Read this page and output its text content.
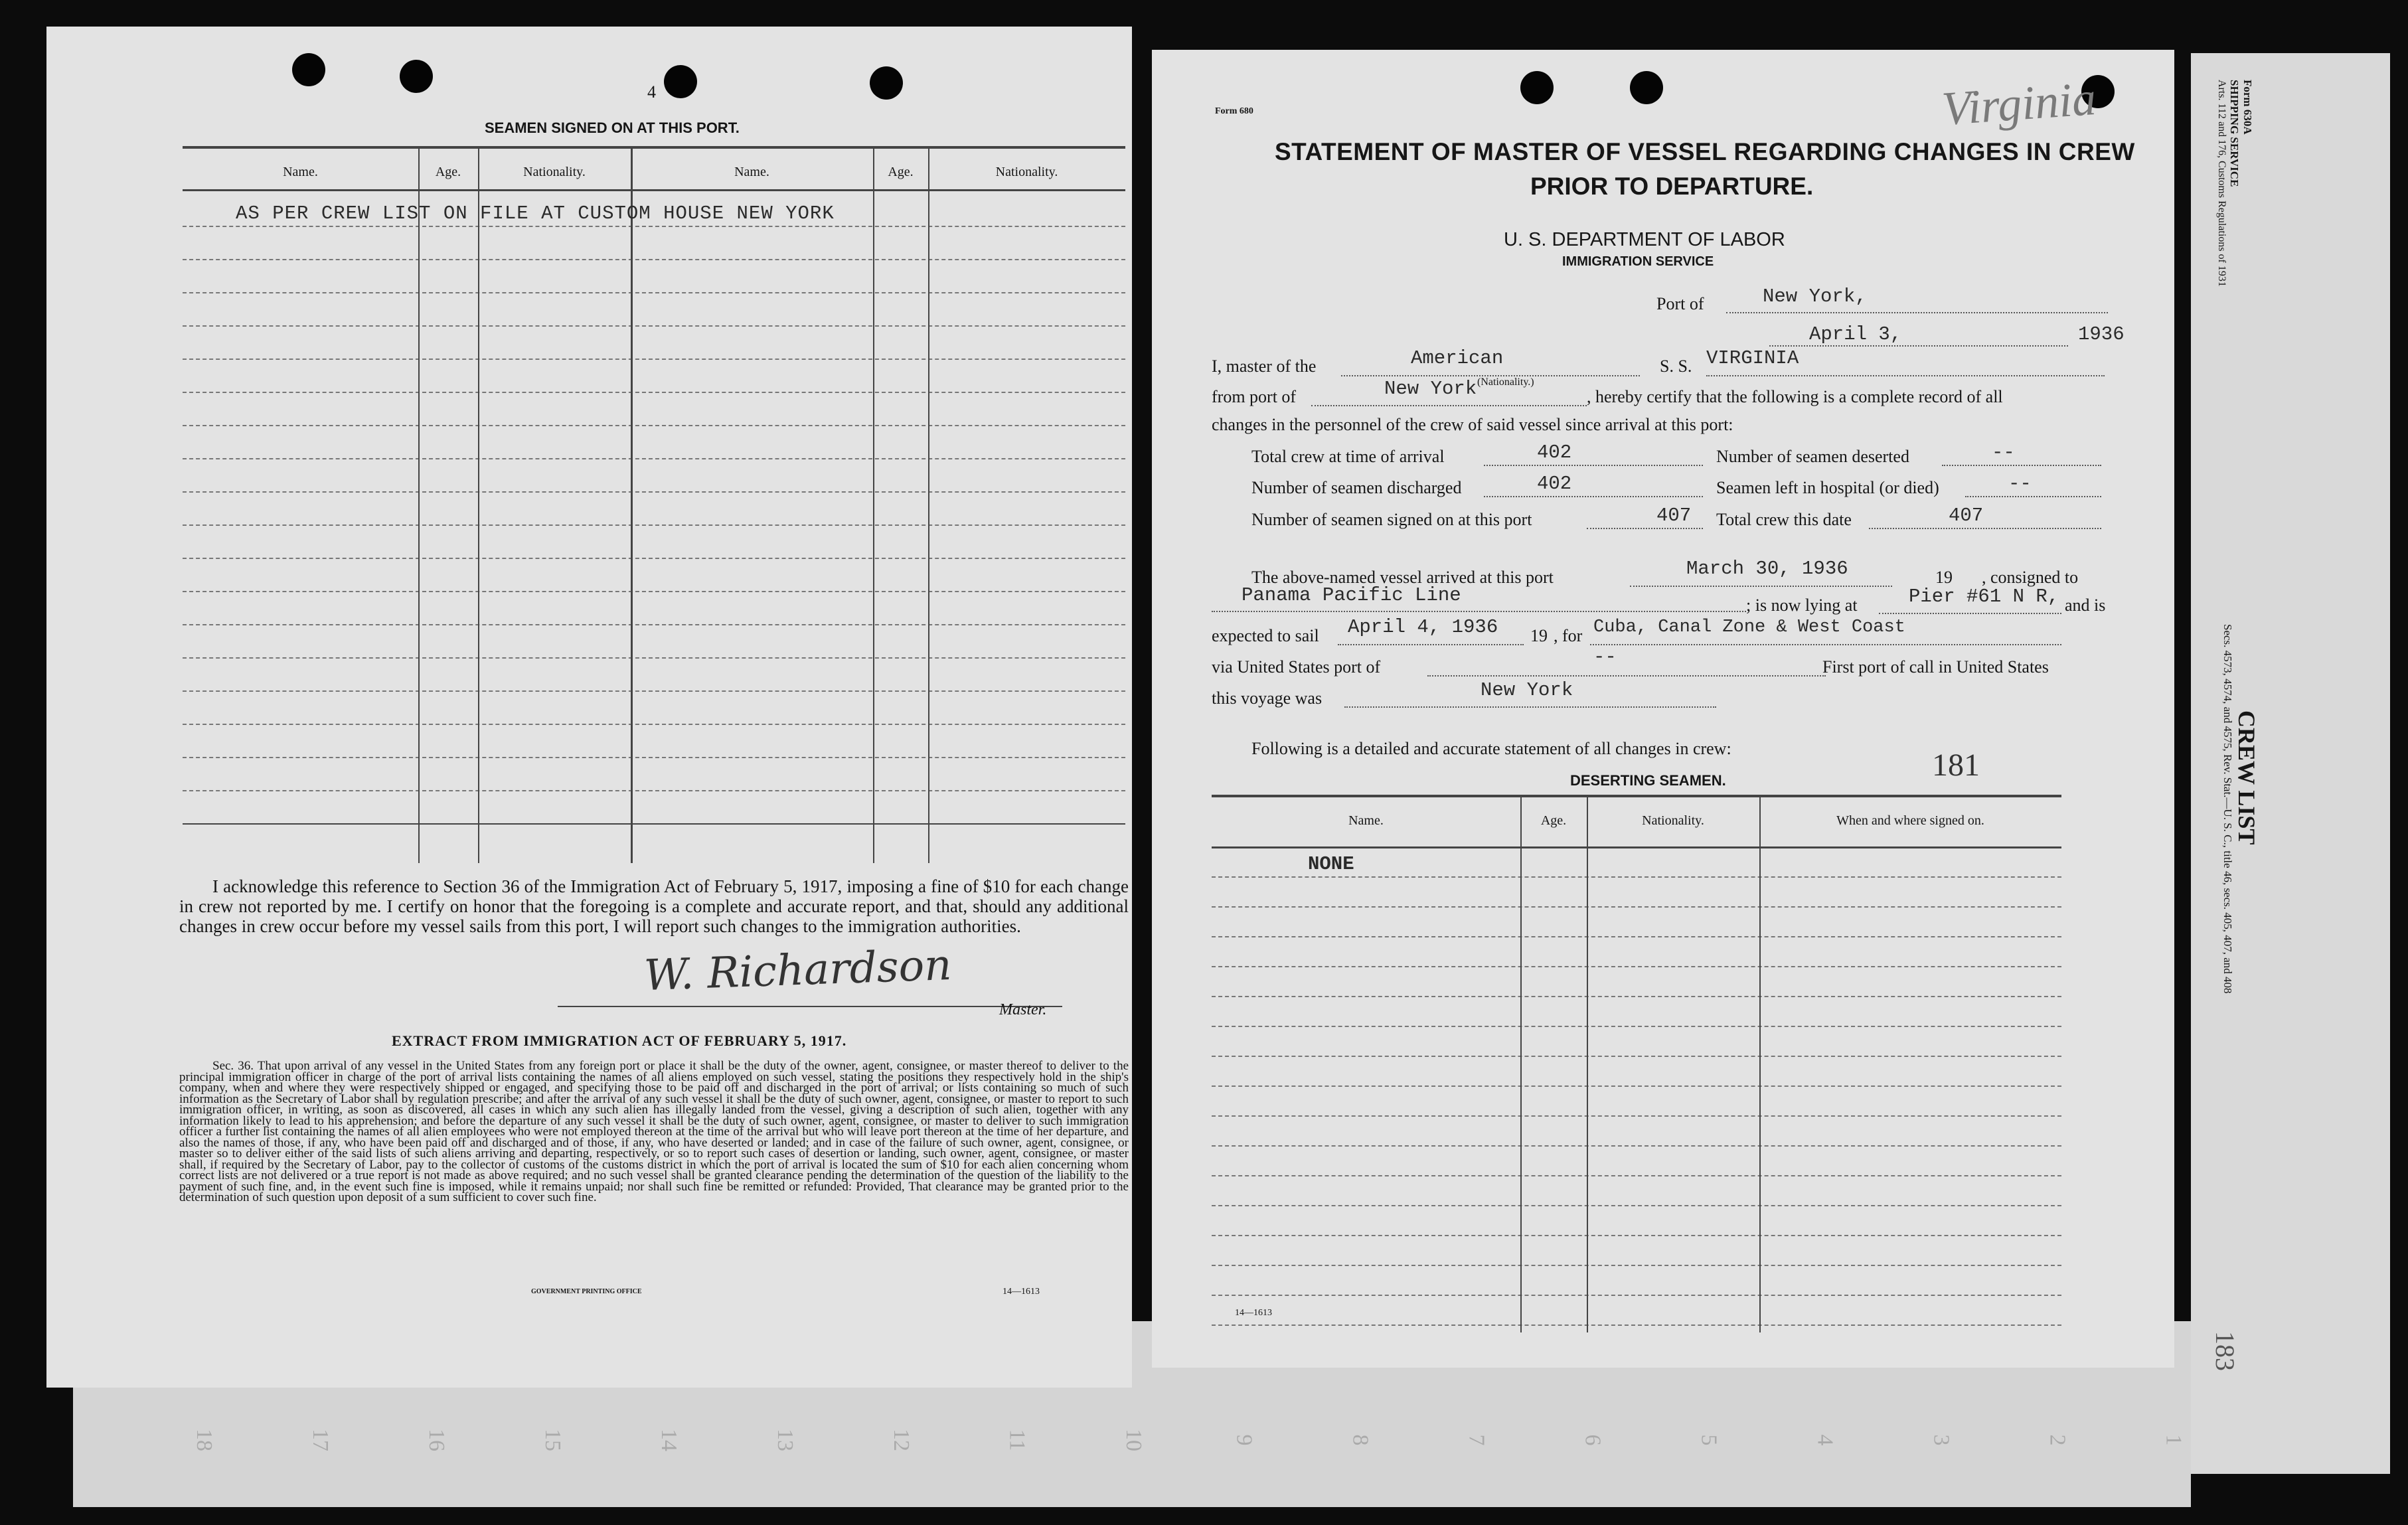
18	17	16	15	14	13	12	11	10	9	8	7	6	5	4	3	2	1
4
SEAMEN SIGNED ON AT THIS PORT.
Name.	Age.	Nationality.	Name.	Age.	Nationality.
AS PER CREW LIST ON FILE AT CUSTOM HOUSE NEW YORK
I acknowledge this reference to Section 36 of the Immigration Act of February 5, 1917, imposing a fine of $10 for each change in crew not reported by me. I certify on honor that the foregoing is a complete and accurate report, and that, should any additional changes in crew occur before my vessel sails from this port, I will report such changes to the immigration authorities.
W. Richardson
Master.
EXTRACT FROM IMMIGRATION ACT OF FEBRUARY 5, 1917.
Sec. 36. That upon arrival of any vessel in the United States from any foreign port or place it shall be the duty of the owner, agent, consignee, or master thereof to deliver to the principal immigration officer in charge of the port of arrival lists containing the names of all aliens employed on such vessel, stating the positions they respectively hold in the ship's company, when and where they were respectively shipped or engaged, and specifying those to be paid off and discharged in the port of arrival; or lists containing so much of such information as the Secretary of Labor shall by regulation prescribe; and after the arrival of any such vessel it shall be the duty of such owner, agent, consignee, or master to report to such immigration officer, in writing, as soon as discovered, all cases in which any such alien has illegally landed from the vessel, giving a description of such alien, together with any information likely to lead to his apprehension; and before the departure of any such vessel it shall be the duty of such owner, agent, consignee, or master to deliver to such immigration officer a further list containing the names of all alien employees who were not employed thereon at the time of the arrival but who will leave port thereon at the time of her departure, and also the names of those, if any, who have been paid off and discharged and of those, if any, who have deserted or landed; and in case of the failure of such owner, agent, consignee, or master so to deliver either of the said lists of such aliens arriving and departing, respectively, or so to report such cases of desertion or landing, such owner, agent, consignee, or master shall, if required by the Secretary of Labor, pay to the collector of customs of the customs district in which the port of arrival is located the sum of $10 for each alien concerning whom correct lists are not delivered or a true report is not made as above required; and no such vessel shall be granted clearance pending the determination of the question of the liability to the payment of such fine, and, in the event such fine is imposed, while it remains unpaid; nor shall such fine be remitted or refunded: Provided, That clearance may be granted prior to the determination of such question upon deposit of a sum sufficient to cover such fine.
GOVERNMENT PRINTING OFFICE	14—1613
Form 680	Virginia
STATEMENT OF MASTER OF VESSEL REGARDING CHANGES IN CREW
PRIOR TO DEPARTURE.
U. S. DEPARTMENT OF LABOR
IMMIGRATION SERVICE
Port of	New York,
April 3,	1936
I, master of the	American	S. S. VIRGINIA
(Nationality.)
from port of	New York	, hereby certify that the following is a complete record of all
changes in the personnel of the crew of said vessel since arrival at this port:
Total crew at time of arrival	402	Number of seamen deserted	--
Number of seamen discharged	402	Seamen left in hospital (or died)	--
Number of seamen signed on at this port	407 Total crew this date	407
The above-named vessel arrived at this port	March 30, 1936	19 , consigned to
Panama Pacific Line	; is now lying at	Pier #61 N R, and is
expected to sail April 4, 1936 19 , for Cuba, Canal Zone & West Coast
via United States port of	--	First port of call in United States
this voyage was	New York
Following is a detailed and accurate statement of all changes in crew:	181
DESERTING SEAMEN.
Name.	Age.	Nationality.	When and where signed on.
NONE
14—1613
Form 630A
SHIPPING SERVICE
Arts. 112 and 176, Customs Regulations of 1931
CREW LIST
Secs. 4573, 4574, and 4575, Rev. Stat.—U. S. C., title 46, secs. 405, 407, and 408
183
